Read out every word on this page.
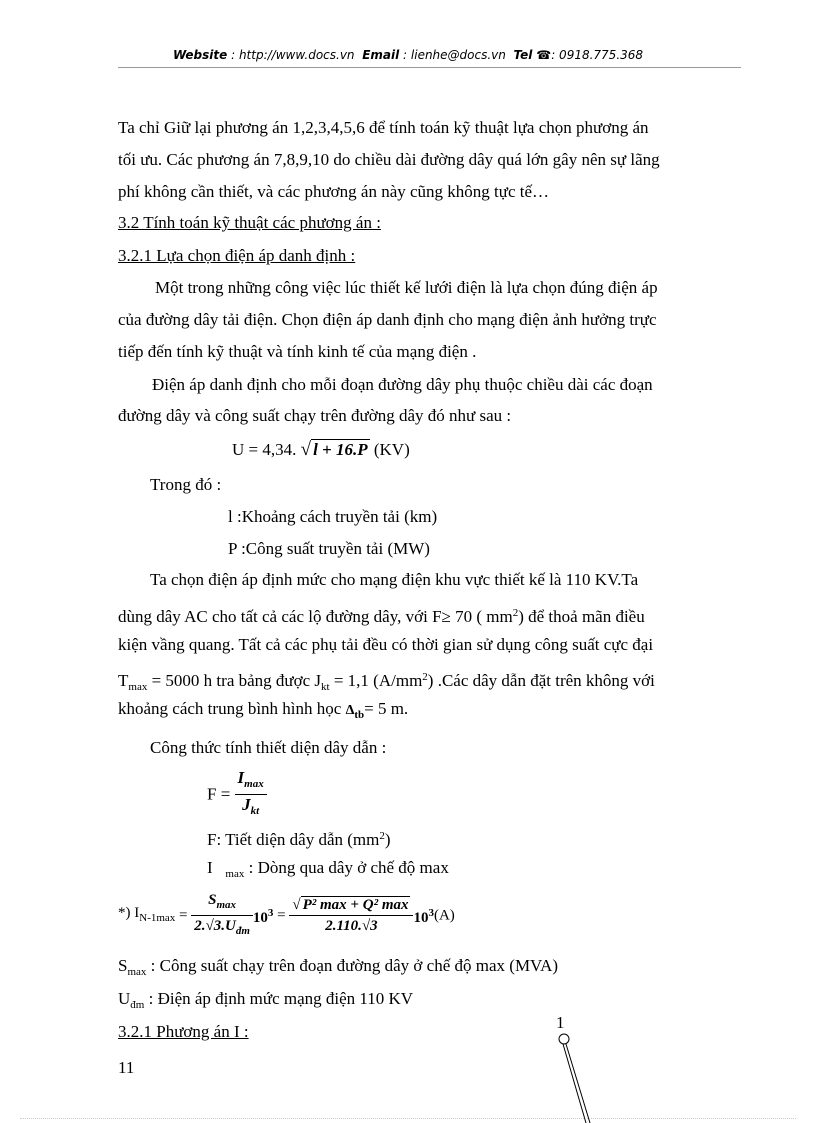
Website : http://www.docs.vn Email : lienhe@docs.vn Tel ☎: 0918.775.368
Ta chỉ Giữ lại phương án 1,2,3,4,5,6 để tính toán kỹ thuật lựa chọn phương án
tối ưu. Các phương án 7,8,9,10 do chiều dài đường dây quá lớn gây nên sự lãng
phí không cần thiết, và các phương án này cũng không tực tế…
3.2 Tính toán kỹ thuật các phương án :
3.2.1 Lựa chọn điện áp danh định :
Một trong những công việc lúc thiết kế lưới điện là lựa chọn đúng điện áp
của đường dây tải điện. Chọn điện áp danh định cho mạng điện ảnh hưởng trực
tiếp đến tính kỹ thuật và tính kinh tế của mạng điện .
Điện áp danh định cho mỗi đoạn đường dây phụ thuộc chiều dài các đoạn
đường dây và công suất chạy trên đường dây đó như sau :
U = 4,34. √ l + 16.P (KV)
Trong đó :
l :Khoảng cách truyền tải (km)
P :Công suất truyền tải (MW)
Ta chọn điện áp định mức cho mạng điện khu vực thiết kế là 110 KV.Ta
dùng dây AC cho tất cả các lộ đường dây, với F≥ 70 ( $mm^2$) để thoả mãn điều
kiện vầng quang. Tất cả các phụ tải đều có thời gian sử dụng công suất cực đại
$T_{max} = 5000$ h tra bảng được $J_{kt} = 1,1$ $(A/mm^2)$ .Các dây dẫn đặt trên không với
khoảng cách trung bình hình học $\Delta_{tb}= 5$ m.
Công thức tính thiết diện dây dẫn :
$F = \frac{I_{max}}{J_{kt}}$
F: Tiết diện dây dẫn $(mm^2)$
I $_{max}$ : Dòng qua dây ở chế độ max
*) $I_{N-1max} = \frac{S_{max}}{2.√3.U_{đm}} 10^3 = \frac{\text{√ P² max + Q² max}}{2.110.√3} 10^3(A)$
$S_{max}$ : Công suất chạy trên đoạn đường dây ở chế độ max (MVA)
$U_{đm}$ : Điện áp định mức mạng điện 110 KV
3.2.1 Phương án I :	1
11
